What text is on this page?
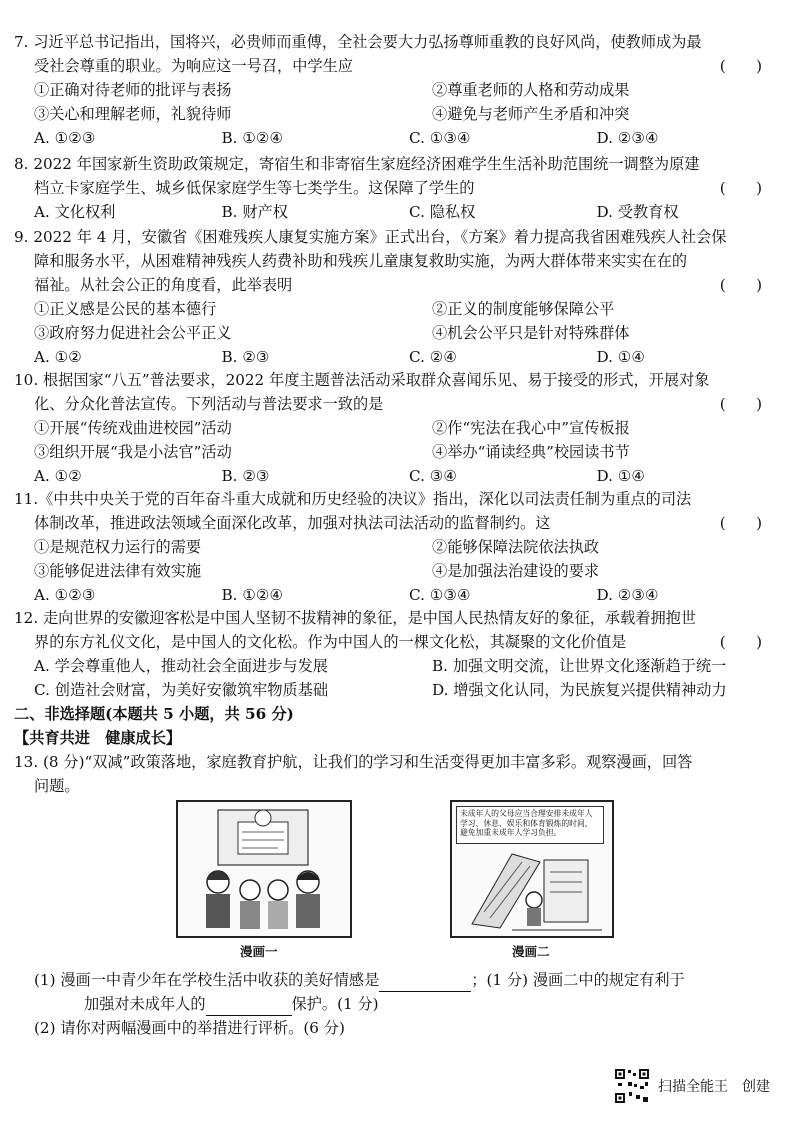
7. 习近平总书记指出，国将兴，必贵师而重傅，全社会要大力弘扬尊师重教的良好风尚，使教师成为最
受社会尊重的职业。为响应这一号召，中学生应	(　　)
①正确对待老师的批评与表扬	②尊重老师的人格和劳动成果
③关心和理解老师，礼貌待师	④避免与老师产生矛盾和冲突
A. ①②③	B. ①②④	C. ①③④	D. ②③④
8. 2022 年国家新生资助政策规定，寄宿生和非寄宿生家庭经济困难学生生活补助范围统一调整为原建
档立卡家庭学生、城乡低保家庭学生等七类学生。这保障了学生的	(　　)
A. 文化权利	B. 财产权	C. 隐私权	D. 受教育权
9. 2022 年 4 月，安徽省《困难残疾人康复实施方案》正式出台，《方案》着力提高我省困难残疾人社会保
障和服务水平，从困难精神残疾人药费补助和残疾儿童康复救助实施，为两大群体带来实实在在的
福祉。从社会公正的角度看，此举表明	(　　)
①正义感是公民的基本德行	②正义的制度能够保障公平
③政府努力促进社会公平正义	④机会公平只是针对特殊群体
A. ①②	B. ②③	C. ②④	D. ①④
10. 根据国家“八五”普法要求，2022 年度主题普法活动采取群众喜闻乐见、易于接受的形式，开展对象
化、分众化普法宣传。下列活动与普法要求一致的是	(　　)
①开展“传统戏曲进校园”活动	②作“宪法在我心中”宣传板报
③组织开展“我是小法官”活动	④举办“诵读经典”校园读书节
A. ①②	B. ②③	C. ③④	D. ①④
11.《中共中央关于党的百年奋斗重大成就和历史经验的决议》指出，深化以司法责任制为重点的司法
体制改革，推进政法领域全面深化改革，加强对执法司法活动的监督制约。这	(　　)
①是规范权力运行的需要	②能够保障法院依法执政
③能够促进法律有效实施	④是加强法治建设的要求
A. ①②③	B. ①②④	C. ①③④	D. ②③④
12. 走向世界的安徽迎客松是中国人坚韧不拔精神的象征，是中国人民热情友好的象征，承载着拥抱世
界的东方礼仪文化，是中国人的文化松。作为中国人的一棵文化松，其凝聚的文化价值是	(　　)
A. 学会尊重他人，推动社会全面进步与发展	B. 加强文明交流，让世界文化逐渐趋于统一
C. 创造社会财富，为美好安徽筑牢物质基础	D. 增强文化认同，为民族复兴提供精神动力
二、非选择题(本题共 5 小题，共 56 分)
【共育共进　健康成长】
13. (8 分)“双减”政策落地，家庭教育护航，让我们的学习和生活变得更加丰富多彩。观察漫画，回答
问题。
漫画一
未成年人的父母应当合理安排未成年人学习、休息、娱乐和体育锻炼的时间，避免加重未成年人学习负担。
漫画二
(1) 漫画一中青少年在学校生活中收获的美好情感是	；(1 分) 漫画二中的规定有利于
加强对未成年人的	保护。(1 分)
(2) 请你对两幅漫画中的举措进行评析。(6 分)
扫描全能王　创建
